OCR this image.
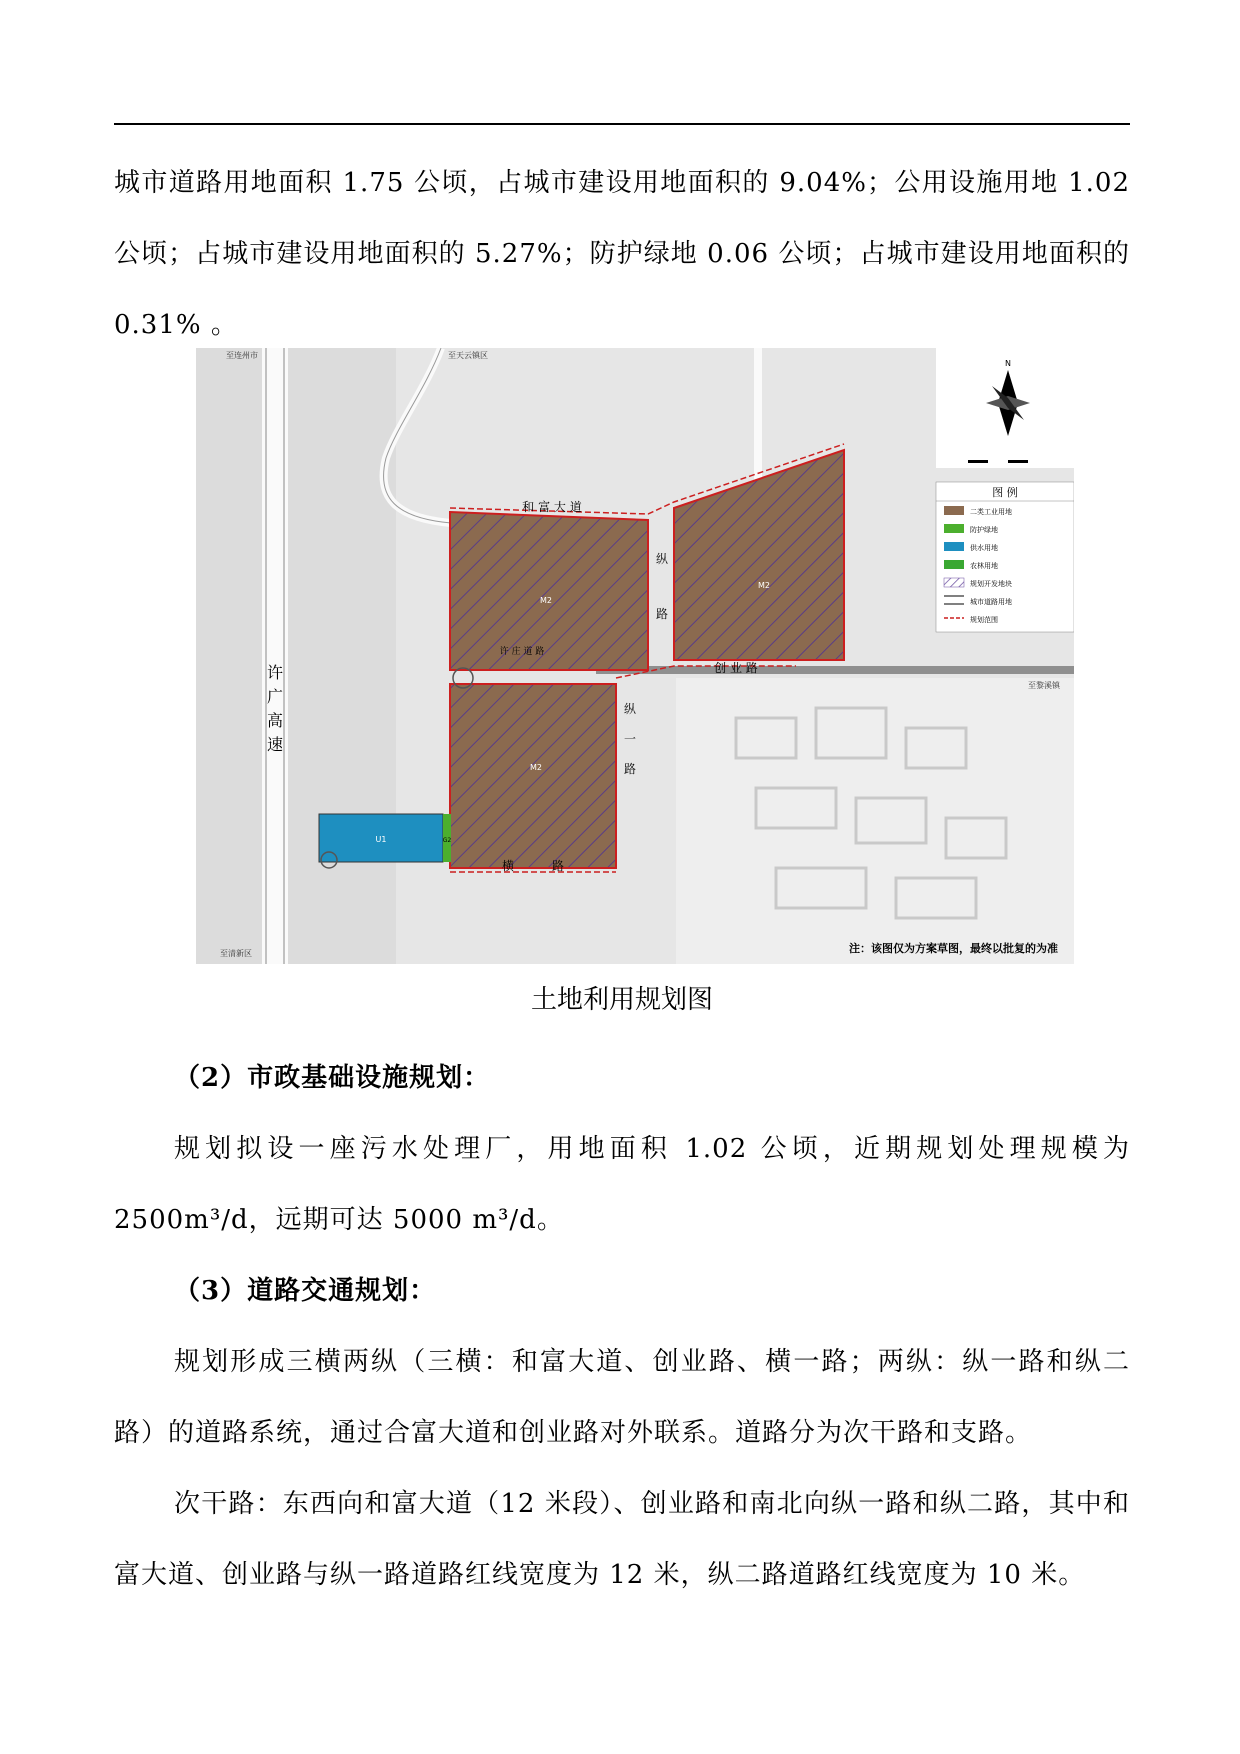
城市道路用地面积 1.75 公顷，占城市建设用地面积的 9.04%；公用设施用地 1.02 公顷；占城市建设用地面积的 5.27%；防护绿地 0.06 公顷；占城市建设用地面积的 0.31% 。

许
广
高
速
和 富 大 道
创 业 路
纵
路
纵
一
路
横	路
许 庄 道 路
M2
M2
M2
U1	G2
至连州市	至天云镇区
至黎溪镇
至清新区
N
图 例
二类工业用地
防护绿地
供水用地
农林用地
规划开发地块
城市道路用地
规划范围
注：该图仅为方案草图，最终以批复的为准
土地利用规划图

（2）市政基础设施规划：

规划拟设一座污水处理厂，用地面积 1.02 公顷，近期规划处理规模为 2500m³/d，远期可达 5000 m³/d。

（3）道路交通规划：

规划形成三横两纵（三横：和富大道、创业路、横一路；两纵：纵一路和纵二路）的道路系统，通过合富大道和创业路对外联系。道路分为次干路和支路。

次干路：东西向和富大道（12 米段）、创业路和南北向纵一路和纵二路，其中和富大道、创业路与纵一路道路红线宽度为 12 米，纵二路道路红线宽度为 10 米。
